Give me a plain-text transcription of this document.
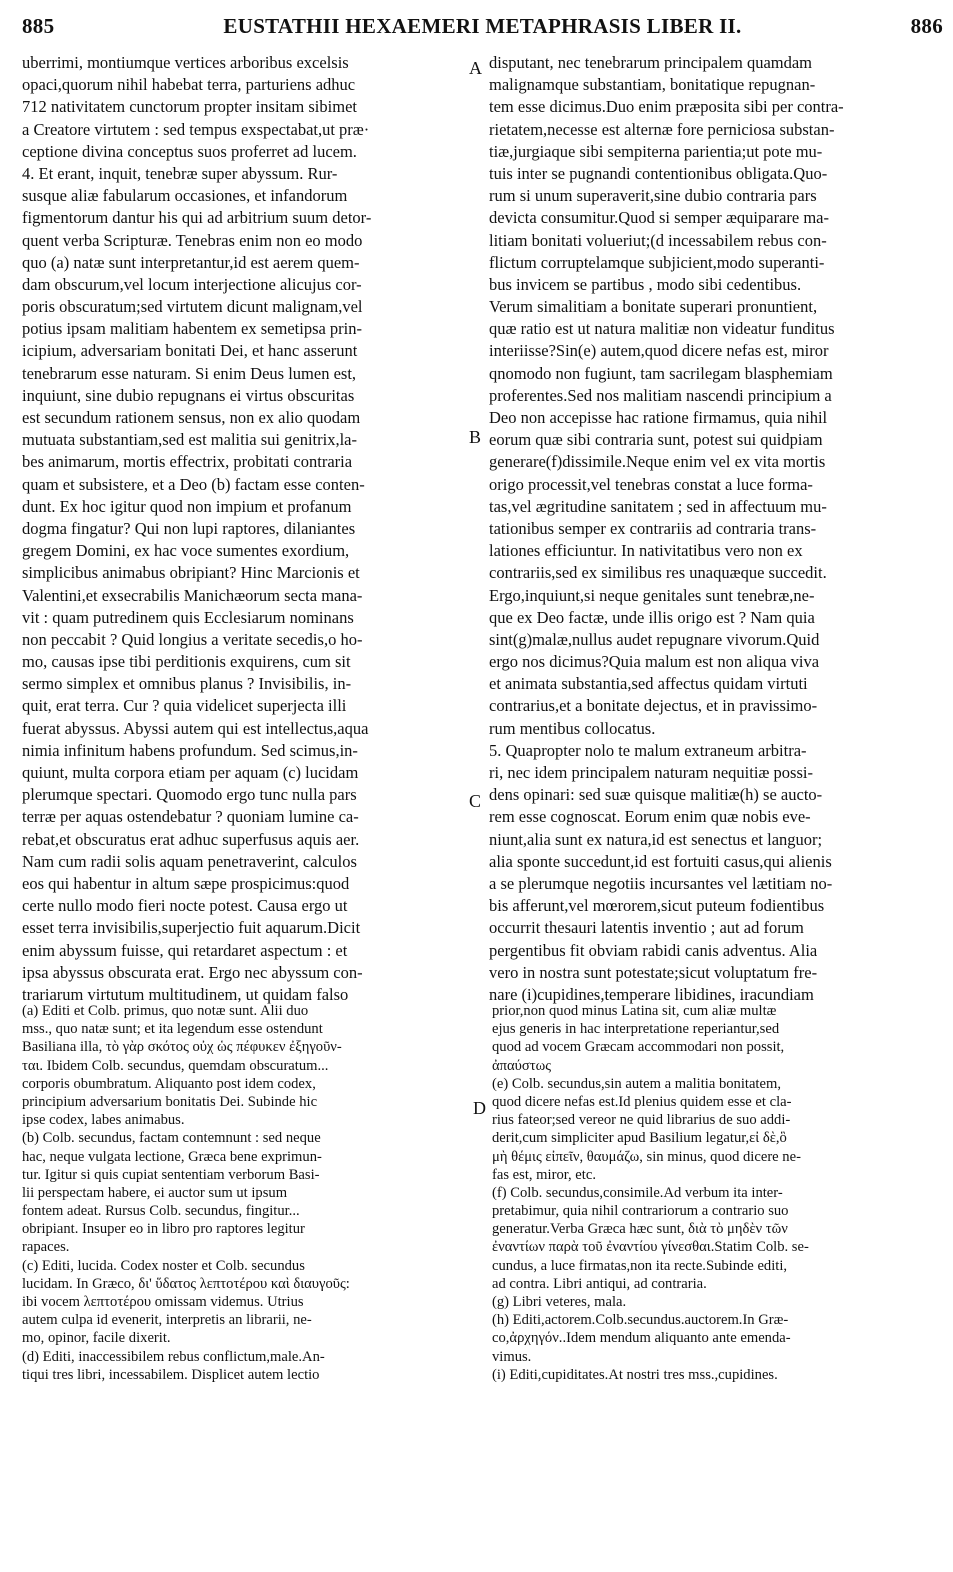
885	EUSTATHII HEXAEMERI METAPHRASIS LIBER II.	886
A
B
C
D
uberrimi, montiumque vertices arboribus excelsis
opaci,quorum nihil habebat terra, parturiens adhuc
712 nativitatem cunctorum propter insitam sibimet
a Creatore virtutem : sed tempus exspectabat,ut præ·
ceptione divina conceptus suos proferret ad lucem.
4. Et erant, inquit, tenebræ super abyssum. Rur-
susque aliæ fabularum occasiones, et infandorum
figmentorum dantur his qui ad arbitrium suum detor-
quent verba Scripturæ. Tenebras enim non eo modo
quo (a) natæ sunt interpretantur,id est aerem quem-
dam obscurum,vel locum interjectione alicujus cor-
poris obscuratum;sed virtutem dicunt malignam,vel
potius ipsam malitiam habentem ex semetipsa prin-
icipium, adversariam bonitati Dei, et hanc asserunt
tenebrarum esse naturam. Si enim Deus lumen est,
inquiunt, sine dubio repugnans ei virtus obscuritas
est secundum rationem sensus, non ex alio quodam
mutuata substantiam,sed est malitia sui genitrix,la-
bes animarum, mortis effectrix, probitati contraria
quam et subsistere, et a Deo (b) factam esse conten-
dunt. Ex hoc igitur quod non impium et profanum
dogma fingatur? Qui non lupi raptores, dilaniantes
gregem Domini, ex hac voce sumentes exordium,
simplicibus animabus obripiant? Hinc Marcionis et
Valentini,et exsecrabilis Manichæorum secta mana-
vit : quam putredinem quis Ecclesiarum nominans
non peccabit ? Quid longius a veritate secedis,o ho-
mo, causas ipse tibi perditionis exquirens, cum sit
sermo simplex et omnibus planus ? Invisibilis, in-
quit, erat terra. Cur ? quia videlicet superjecta illi
fuerat abyssus. Abyssi autem qui est intellectus,aqua
nimia infinitum habens profundum. Sed scimus,in-
quiunt, multa corpora etiam per aquam (c) lucidam
plerumque spectari. Quomodo ergo tunc nulla pars
terræ per aquas ostendebatur ? quoniam lumine ca-
rebat,et obscuratus erat adhuc superfusus aquis aer.
Nam cum radii solis aquam penetraverint, calculos
eos qui habentur in altum sæpe prospicimus:quod
certe nullo modo fieri nocte potest. Causa ergo ut
esset terra invisibilis,superjectio fuit aquarum.Dicit
enim abyssum fuisse, qui retardaret aspectum : et
ipsa abyssus obscurata erat. Ergo nec abyssum con-
trariarum virtutum multitudinem, ut quidam falso
disputant, nec tenebrarum principalem quamdam
malignamque substantiam, bonitatique repugnan-
tem esse dicimus.Duo enim præposita sibi per contra-
rietatem,necesse est alternæ fore perniciosa substan-
tiæ,jurgiaque sibi sempiterna parientia;ut pote mu-
tuis inter se pugnandi contentionibus obligata.Quo-
rum si unum superaverit,sine dubio contraria pars
devicta consumitur.Quod si semper æquiparare ma-
litiam bonitati volueriut;(d incessabilem rebus con-
flictum corruptelamque subjicient,modo superanti-
bus invicem se partibus , modo sibi cedentibus.
Verum simalitiam a bonitate superari pronuntient,
quæ ratio est ut natura malitiæ non videatur funditus
interiisse?Sin(e) autem,quod dicere nefas est, miror
qnomodo non fugiunt, tam sacrilegam blasphemiam
proferentes.Sed nos malitiam nascendi principium a
Deo non accepisse hac ratione firmamus, quia nihil
eorum quæ sibi contraria sunt, potest sui quidpiam
generare(f)dissimile.Neque enim vel ex vita mortis
origo processit,vel tenebras constat a luce forma-
tas,vel ægritudine sanitatem ; sed in affectuum mu-
tationibus semper ex contrariis ad contraria trans-
lationes efficiuntur. In nativitatibus vero non ex
contrariis,sed ex similibus res unaquæque succedit.
Ergo,inquiunt,si neque genitales sunt tenebræ,ne-
que ex Deo factæ, unde illis origo est ? Nam quia
sint(g)malæ,nullus audet repugnare vivorum.Quid
ergo nos dicimus?Quia malum est non aliqua viva
et animata substantia,sed affectus quidam virtuti
contrarius,et a bonitate dejectus, et in pravissimo-
rum mentibus collocatus.
5. Quapropter nolo te malum extraneum arbitra-
ri, nec idem principalem naturam nequitiæ possi-
dens opinari: sed suæ quisque malitiæ(h) se aucto-
rem esse cognoscat. Eorum enim quæ nobis eve-
niunt,alia sunt ex natura,id est senectus et languor;
alia sponte succedunt,id est fortuiti casus,qui alienis
a se plerumque negotiis incursantes vel lætitiam no-
bis afferunt,vel mœrorem,sicut puteum fodientibus
occurrit thesauri latentis inventio ; aut ad forum
pergentibus fit obviam rabidi canis adventus. Alia
vero in nostra sunt potestate;sicut voluptatum fre-
nare (i)cupidines,temperare libidines, iracundiam
(a) Editi et Colb. primus, quo notæ sunt. Alii duo
mss., quo natæ sunt; et ita legendum esse ostendunt
Basiliana illa, τὸ γὰρ σκότος οὐχ ὡς πέφυκεν ἐξηγοῦν-
ται. Ibidem Colb. secundus, quemdam obscuratum...
corporis obumbratum. Aliquanto post idem codex,
principium adversarium bonitatis Dei. Subinde hic
ipse codex, labes animabus.
(b) Colb. secundus, factam contemnunt : sed neque
hac, neque vulgata lectione, Græca bene exprimun-
tur. Igitur si quis cupiat sententiam verborum Basi-
lii perspectam habere, ei auctor sum ut ipsum
fontem adeat. Rursus Colb. secundus, fingitur...
obripiant. Insuper eo in libro pro raptores legitur
rapaces.
(c) Editi, lucida. Codex noster et Colb. secundus
lucidam. In Græco, δι' ὕδατος λεπτοτέρου καὶ διαυγοῦς:
ibi vocem λεπτοτέρου omissam videmus. Utrius
autem culpa id evenerit, interpretis an librarii, ne-
mo, opinor, facile dixerit.
(d) Editi, inaccessibilem rebus conflictum,male.An-
tiqui tres libri, incessabilem. Displicet autem lectio
prior,non quod minus Latina sit, cum aliæ multæ
ejus generis in hac interpretatione reperiantur,sed
quod ad vocem Græcam accommodari non possit,
ἀπαύστως
(e) Colb. secundus,sin autem a malitia bonitatem,
quod dicere nefas est.Id plenius quidem esse et cla-
rius fateor;sed vereor ne quid librarius de suo addi-
derit,cum simpliciter apud Basilium legatur,εἰ δὲ,ὃ
μὴ θέμις εἰπεῖν, θαυμάζω, sin minus, quod dicere ne-
fas est, miror, etc.
(f) Colb. secundus,consimile.Ad verbum ita inter-
pretabimur, quia nihil contrariorum a contrario suo
generatur.Verba Græca hæc sunt, διὰ τὸ μηδὲν τῶν
ἐναντίων παρὰ τοῦ ἐναντίου γίνεσθαι.Statim Colb. se-
cundus, a luce firmatas,non ita recte.Subinde editi,
ad contra. Libri antiqui, ad contraria.
(g) Libri veteres, mala.
(h) Editi,actorem.Colb.secundus.auctorem.In Græ-
co,ἀρχηγόν..Idem mendum aliquanto ante emenda-
vimus.
(i) Editi,cupiditates.At nostri tres mss.,cupidines.
